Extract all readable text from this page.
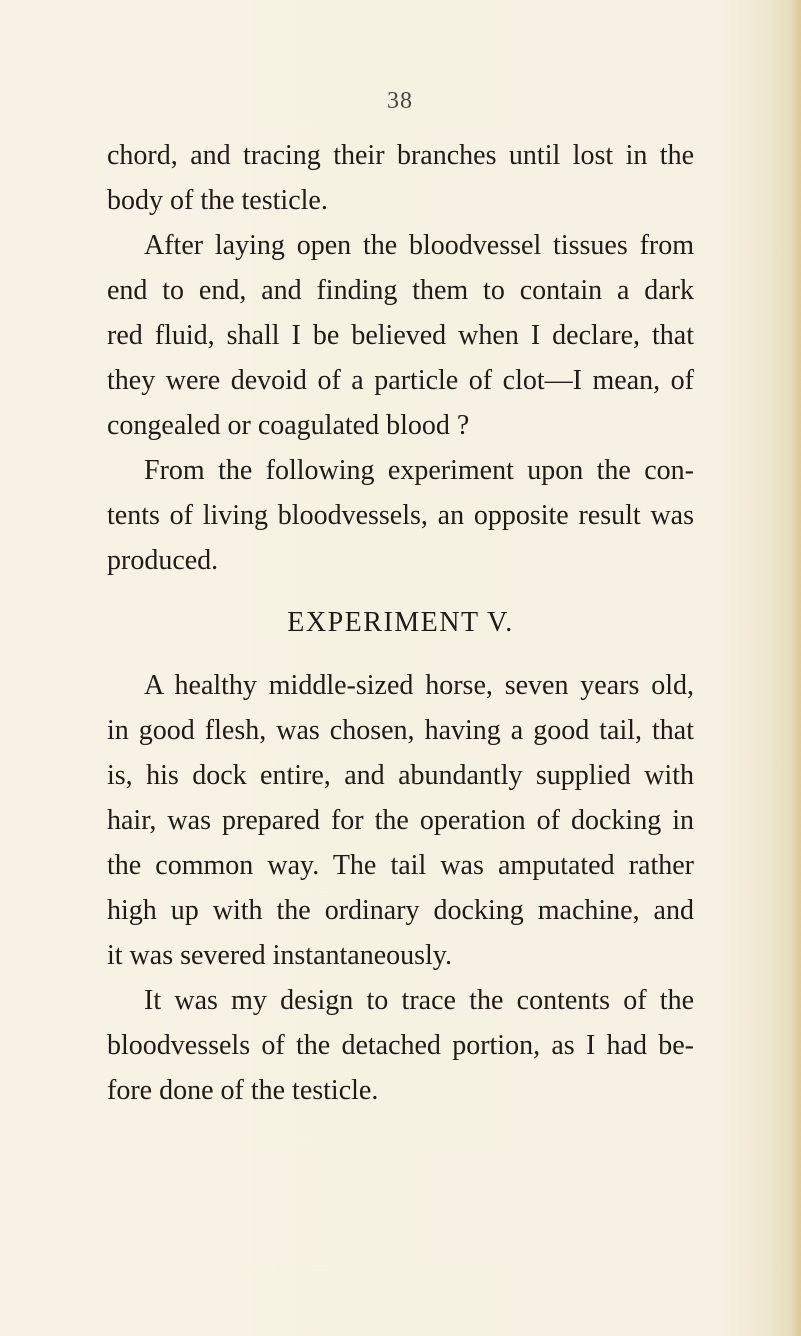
38
chord, and tracing their branches until lost in the
body of the testicle.
After laying open the bloodvessel tissues from
end to end, and finding them to contain a dark
red fluid, shall I be believed when I declare, that
they were devoid of a particle of clot—I mean, of
congealed or coagulated blood ?
From the following experiment upon the con-
tents of living bloodvessels, an opposite result was
produced.
EXPERIMENT V.
A healthy middle-sized horse, seven years old,
in good flesh, was chosen, having a good tail, that
is, his dock entire, and abundantly supplied with
hair, was prepared for the operation of docking in
the common way. The tail was amputated rather
high up with the ordinary docking machine, and
it was severed instantaneously.
It was my design to trace the contents of the
bloodvessels of the detached portion, as I had be-
fore done of the testicle.
